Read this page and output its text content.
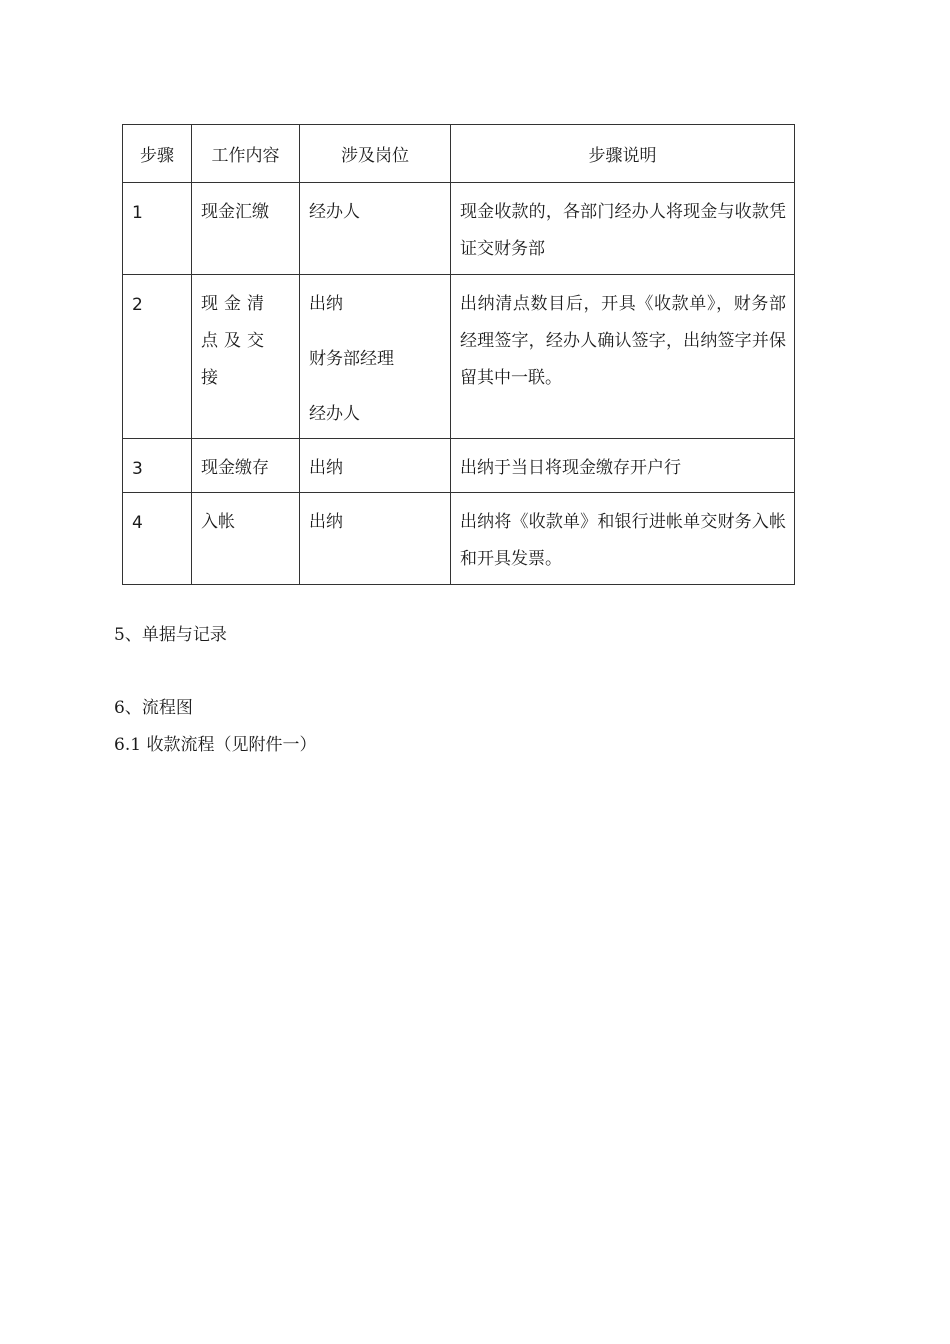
步骤	工作内容	涉及岗位	步骤说明

1	现金汇缴	经办人	现金收款的，各部门经办人将现金与收款凭证交财务部

2	现金清点及交接	出纳
财务部经理
经办人	出纳清点数目后，开具《收款单》，财务部经理签字，经办人确认签字，出纳签字并保留其中一联。

3	现金缴存	出纳	出纳于当日将现金缴存开户行

4	入帐	出纳	出纳将《收款单》和银行进帐单交财务入帐和开具发票。
5、单据与记录
6、流程图
6.1 收款流程（见附件一）
